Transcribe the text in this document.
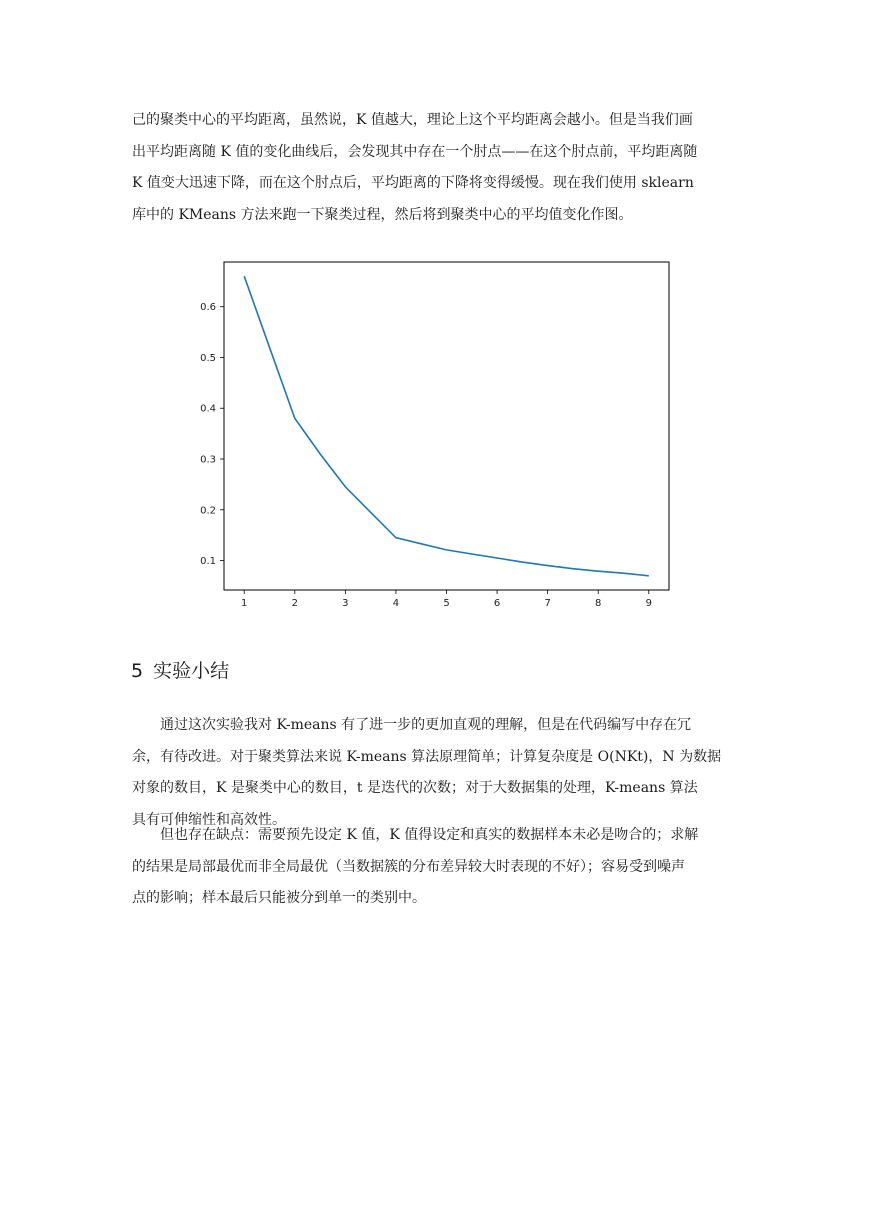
己的聚类中心的平均距离，虽然说，K 值越大，理论上这个平均距离会越小。但是当我们画
出平均距离随 K 值的变化曲线后，会发现其中存在一个肘点——在这个肘点前，平均距离随
K 值变大迅速下降，而在这个肘点后，平均距离的下降将变得缓慢。现在我们使用 sklearn
库中的 KMeans 方法来跑一下聚类过程，然后将到聚类中心的平均值变化作图。
1	2	3	4	5	6	7	8	9
0.1
0.2
0.3
0.4
0.5
0.6
5 实验小结
通过这次实验我对 K-means 有了进一步的更加直观的理解，但是在代码编写中存在冗
余，有待改进。对于聚类算法来说 K-means 算法原理简单；计算复杂度是 O(NKt)，N 为数据
对象的数目，K 是聚类中心的数目，t 是迭代的次数；对于大数据集的处理，K-means 算法
具有可伸缩性和高效性。
但也存在缺点：需要预先设定 K 值，K 值得设定和真实的数据样本未必是吻合的；求解
的结果是局部最优而非全局最优（当数据簇的分布差异较大时表现的不好）；容易受到噪声
点的影响；样本最后只能被分到单一的类别中。
